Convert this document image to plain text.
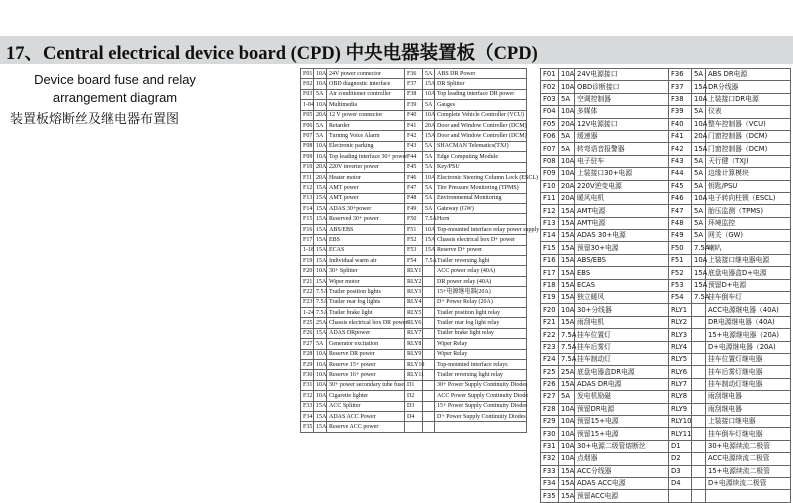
17、Central electrical device board (CPD) 中央电器装置板（CPD)
Device board fuse and relay
arrangement diagram
装置板熔断丝及继电器布置图
F01	10A	24V power connector	F36	5A	ABS DR Power
F02	10A	OBD diagnostic interface	F37	15A	DR Splitter
F03	5A	Air conditioner controller	F38	10A	Top leading interface DR power
1-04	10A	Multimedia	F39	5A	Gauges
F05	20A	12 V power connector	F40	10A	Complete Vehicle Controller (VCU)
F06	5A	Retarder	F41	20A	Door and Window Controller (DCM)
F07	5A	Turning Voice Alarm	F42	15A	Door and Window Controller (DCM)
F08	10A	Electronic parking	F43	5A	SHACMAN Telematics(TXJ)
F09	10A	Top leading interface 30+ power	F44	5A	Edge Computing Module
F10	20A	220V inverter power	F45	5A	Key/PSU
F11	20A	Heater motor	F46	10A	Electronic Steering Column Lock (ESCL)
F12	15A	AMT power	F47	5A	Tire Pressure Monitoring (TPMS)
F13	15A	AMT power	F48	5A	Environmental Monitoring
F14	15A	ADAS 30+power	F49	5A	Gateway (GW)
F15	15A	Reserved 30+ power	F50	7.5A	Horn
F16	15A	ABS/EBS	F51	10A	Top-mounted interface relay power supply
F17	15A	EBS	F52	15A	Chassis electrical box D+ power
1-18	15A	ECAS	F53	15A	Reserve D+ power
F19	15A	Individual warm air	F54	7.5A	Trailer reversing light
F20	10A	30+ Splitter	RLY1		ACC power relay (40A)
F21	15A	Wiper motor	RLY2		DR power relay (40A)
F22	7.5A	Trailer position lights	RLY3		15+电源继电器(20A)
F23	7.5A	Trailer rear fog lights	RLY4		D+ Power Relay (20A)
1-24	7.5A	Trailer brake light	RLY5		Trailer position light relay
F25	25A	Chassis electrical box DR power	RLY6		Trailer rear fog light relay
F26	15A	ADAS DRpower	RLY7		Trailer brake light relay
F27	5A	Generator excitation	RLY8		Wiper Relay
F28	10A	Reserve DR power	RLY9		Wiper Relay
F29	10A	Reserve 15+ power	RLY10		Top-mounted interface relays
F30	10A	Reserve 16+ power	RLY11		Trailer reversing light relay
F31	10A	30+ power secondary tube fuse	D1		30+ Power Supply Continuity Diodes
F32	10A	Cigarette lighter	D2		ACC Power Supply Continuity Diode
F33	15A	ACC Splitter	D3		15+ Power Supply Continuity Diodes
F34	15A	ADAS ACC Power	D4		D+ Power Supply Continuity Diodes
F35	15A	Reserve ACC power			
F01	10A	24V电源接口	F36	5A	ABS DR电源
F02	10A	OBD诊断接口	F37	15A	DR分线器
F03	5A	空调控制器	F38	10A	上装接口DR电源
F04	10A	多媒体	F39	5A	仪表
F05	20A	12V电源接口	F40	10A	整车控制器（VCU)
F06	5A	缓速器	F41	20A	门窗控制器（DCM)
F07	5A	转弯语音报警器	F42	15A	门窗控制器（DCM)
F08	10A	电子驻车	F43	5A	天行健（TXJ)
F09	10A	上装接口30+电源	F44	5A	边缘计算模块
F10	20A	220V逆变电源	F45	5A	钥匙/PSU
F11	20A	暖风电机	F46	10A	电子转向柱锁（ESCL)
F12	15A	AMT电源	F47	5A	胎压监测（TPMS)
F13	15A	AMT电源	F48	5A	环境监控
F14	15A	ADAS 30+电源	F49	5A	网关（GW)
F15	15A	预留30+电源	F50	7.5A	喇叭
F16	15A	ABS/EBS	F51	10A	上装接口继电器电源
F17	15A	EBS	F52	15A	底盘电器盒D+电源
F18	15A	ECAS	F53	15A	预留D+电源
F19	15A	独立暖风	F54	7.5A	挂车倒车灯
F20	10A	30+分线器	RLY1		ACC电源继电器（40A)
F21	15A	雨刮电机	RLY2		DR电源继电器（40A)
F22	7.5A	挂车位置灯	RLY3		15+电源继电器（20A)
F23	7.5A	挂车后雾灯	RLY4		D+电源继电器（20A)
F24	7.5A	挂车制动灯	RLY5		挂车位置灯继电器
F25	25A	底盘电器盒DR电源	RLY6		挂车后雾灯继电器
F26	15A	ADAS DR电源	RLY7		挂车制动灯继电器
F27	5A	发电机励磁	RLY8		雨刮继电器
F28	10A	预留DR电源	RLY9		雨刮继电器
F29	10A	预留15+电源	RLY10		上装接口继电器
F30	10A	预留15+电源	RLY11		挂车倒车灯继电器
F31	10A	30+电源二级管熔断丝	D1		30+电源续流二极管
F32	10A	点烟器	D2		ACC电源续流二极管
F33	15A	ACC分线器	D3		15+电源续流二极管
F34	15A	ADAS ACC电源	D4		D+电源续流二极管
F35	15A	预留ACC电源			
